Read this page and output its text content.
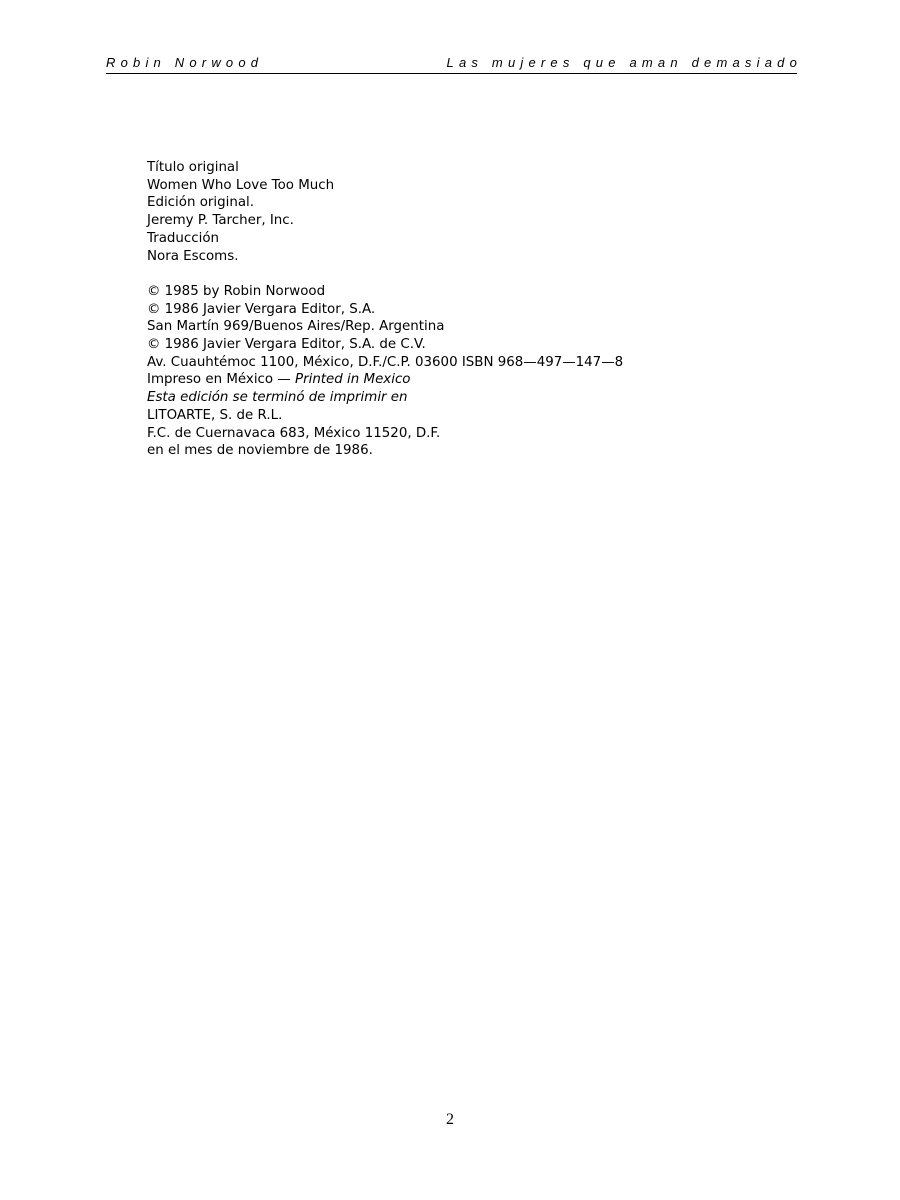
Robin Norwood	Las mujeres que aman demasiado
Título original
Women Who Love Too Much
Edición original.
Jeremy P. Tarcher, Inc.
Traducción
Nora Escoms.
© 1985 by Robin Norwood
© 1986 Javier Vergara Editor, S.A.
San Martín 969/Buenos Aires/Rep. Argentina
© 1986 Javier Vergara Editor, S.A. de C.V.
Av. Cuauhtémoc 1100, México, D.F./C.P. 03600 ISBN 968—497—147—8
Impreso en México — Printed in Mexico
Esta edición se terminó de imprimir en
LITOARTE, S. de R.L.
F.C. de Cuernavaca 683, México 11520, D.F.
en el mes de noviembre de 1986.
2
